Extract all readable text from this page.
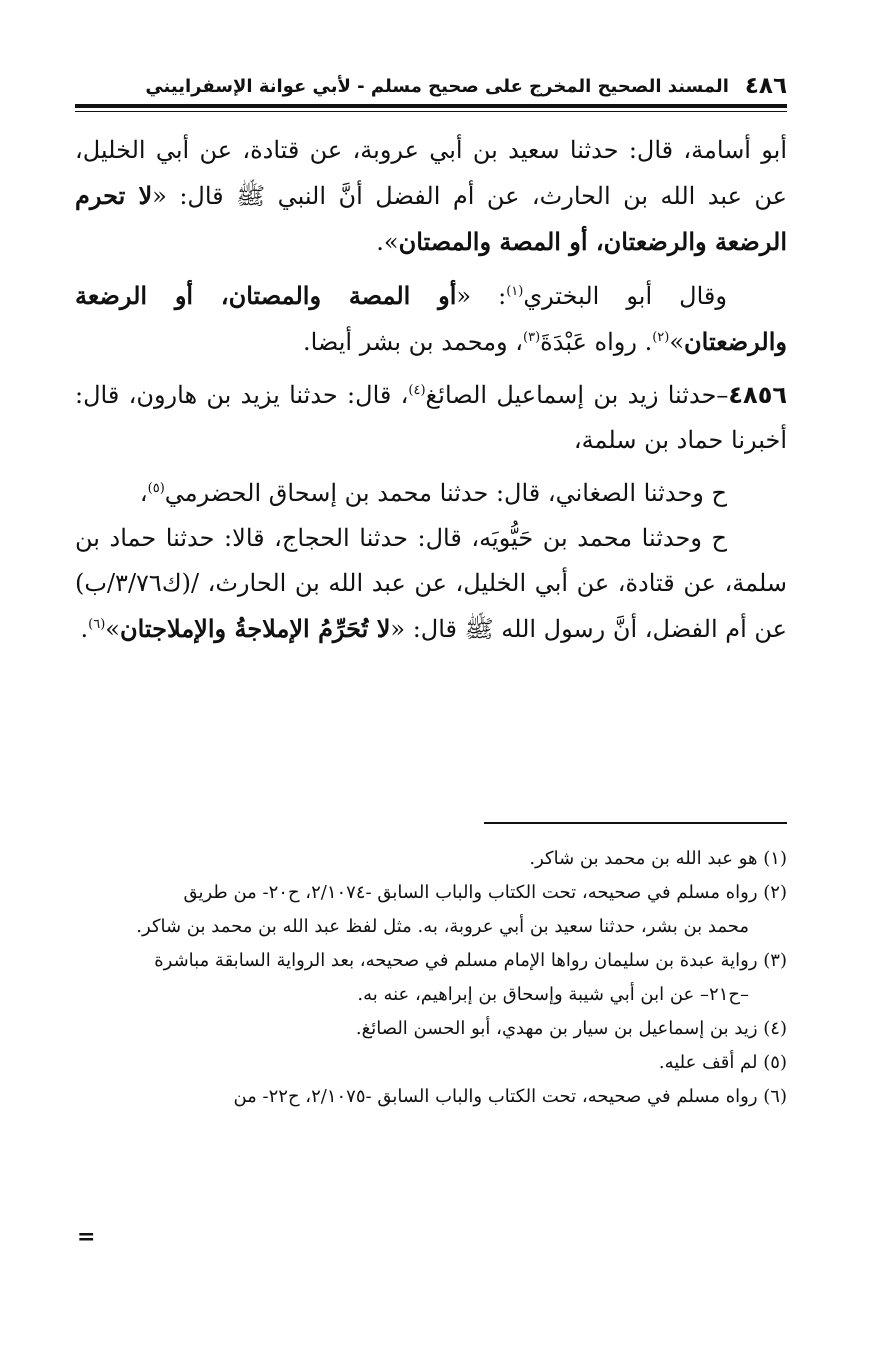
٤٨٦
المسند الصحيح المخرج على صحيح مسلم - لأبي عوانة الإسفراييني

أبو أسامة، قال: حدثنا سعيد بن أبي عروبة، عن قتادة، عن أبي الخليل، عن عبد الله بن الحارث، عن أم الفضل أنَّ النبي ﷺ قال: «لا تحرم الرضعة والرضعتان، أو المصة والمصتان».

وقال أبو البختري$^{(١)}$: «أو المصة والمصتان، أو الرضعة والرضعتان»$^{(٢)}$. رواه عَبْدَةَ$^{(٣)}$، ومحمد بن بشر أيضا.

٤٨٥٦–حدثنا زيد بن إسماعيل الصائغ$^{(٤)}$، قال: حدثنا يزيد بن هارون، قال: أخبرنا حماد بن سلمة،

ح وحدثنا الصغاني، قال: حدثنا محمد بن إسحاق الحضرمي$^{(٥)}$،

ح وحدثنا محمد بن حَيُّويَه، قال: حدثنا الحجاج، قالا: حدثنا حماد بن سلمة، عن قتادة، عن أبي الخليل، عن عبد الله بن الحارث، /(ك٣/٧٦/ب) عن أم الفضل، أنَّ رسول الله ﷺ قال: «لا تُحَرِّمُ الإملاجةُ والإملاجتان»$^{(٦)}$.

(١) هو عبد الله بن محمد بن شاكر.

(٢) رواه مسلم في صحيحه، تحت الكتاب والباب السابق -٢/١٠٧٤، ح٢٠- من طريق

محمد بن بشر، حدثنا سعيد بن أبي عروبة، به. مثل لفظ عبد الله بن محمد بن شاكر.

(٣) رواية عبدة بن سليمان رواها الإمام مسلم في صحيحه، بعد الرواية السابقة مباشرة

–ح٢١– عن ابن أبي شيبة وإسحاق بن إبراهيم، عنه به.

(٤) زيد بن إسماعيل بن سيار بن مهدي، أبو الحسن الصائغ.

(٥) لم أقف عليه.

(٦) رواه مسلم في صحيحه، تحت الكتاب والباب السابق -٢/١٠٧٥، ح٢٢- من

=
